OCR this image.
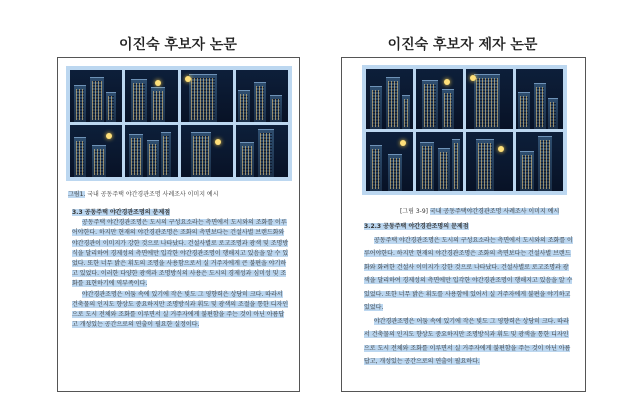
이진숙 후보자 논문	이진숙 후보자 제자 논문
그림1. 국내 공동주택 야간경관조명 사례조사 이미지 예시

3.3 공동주택 야간경관조명의 문제점

공동주택 야간경관조명은 도시의 구성요소라는 측면에서 도시와의 조화를 이루어야한다. 하지만 현재의 야간경관조명은 조화의 측면보다는 건설사별 브랜드화와 야간경관이 이미지가 강한 것으로 나타났다. 건설사별로 로고조명과 광색 및 조명방식을 달리하여 경제성의 측면에만 입각한 야간경관조명이 행해지고 있음을 알 수 있었다. 또한 너무 밝은 휘도의 조명을 사용함으로서 실 거주자에게 큰 불편을 야기하고 있었다. 이러한 다양한 광색과 조명방식의 사용은 도시의 경제성과 심미성 및 조화를 표현하기에 역부족이다.

야간경관조명은 어둠 속에 있기에 작은 빛도 그 영향력은 상당히 크다. 따라서 건축물의 인지도 향상도 중요하지만 조명방식과 휘도 및 광색의 조절을 통한 디자인으로 도시 전체와 조화를 이루면서 실 거주자에게 불편함을 주는 것이 아닌 아름답고 개성있는 공간으로의 연출이 필요한 실정이다.

[그림 3-9] 국내 공동주택야간경관조명 사례조사 이미지 예시

3.2.3 공동주택 야간경관조명의 문제점

공동주택 야간경관조명은 도시의 구성요소라는 측면에서 도시와의 조화를 이루어야한다. 하지만 현재의 야간경관조명은 조화의 측면보다는 건설사별 브랜드화와 화려한 건설사 이미지가 강한 것으로 나타났다. 건설사별로 로고조명과 광색을 달리하여 경제성의 측면에만 입각한 야간경관조명이 행해지고 있음을 알 수 있었다. 또한 너무 밝은 휘도를 사용함에 있어서 실 거주자에게 불편을 야기하고 있었다.

야간경관조명은 어둠 속에 있기에 작은 빛도 그 영향력은 상당히 크다. 따라서 건축물의 인지도 향상도 중요하지만 조명방식과 휘도 및 광색을 통한 디자인으로 도시 전체와 조화를 이루면서 실 거주자에게 불편함을 주는 것이 아닌 아름답고, 개성있는 공간으로의 연출이 필요하다.
